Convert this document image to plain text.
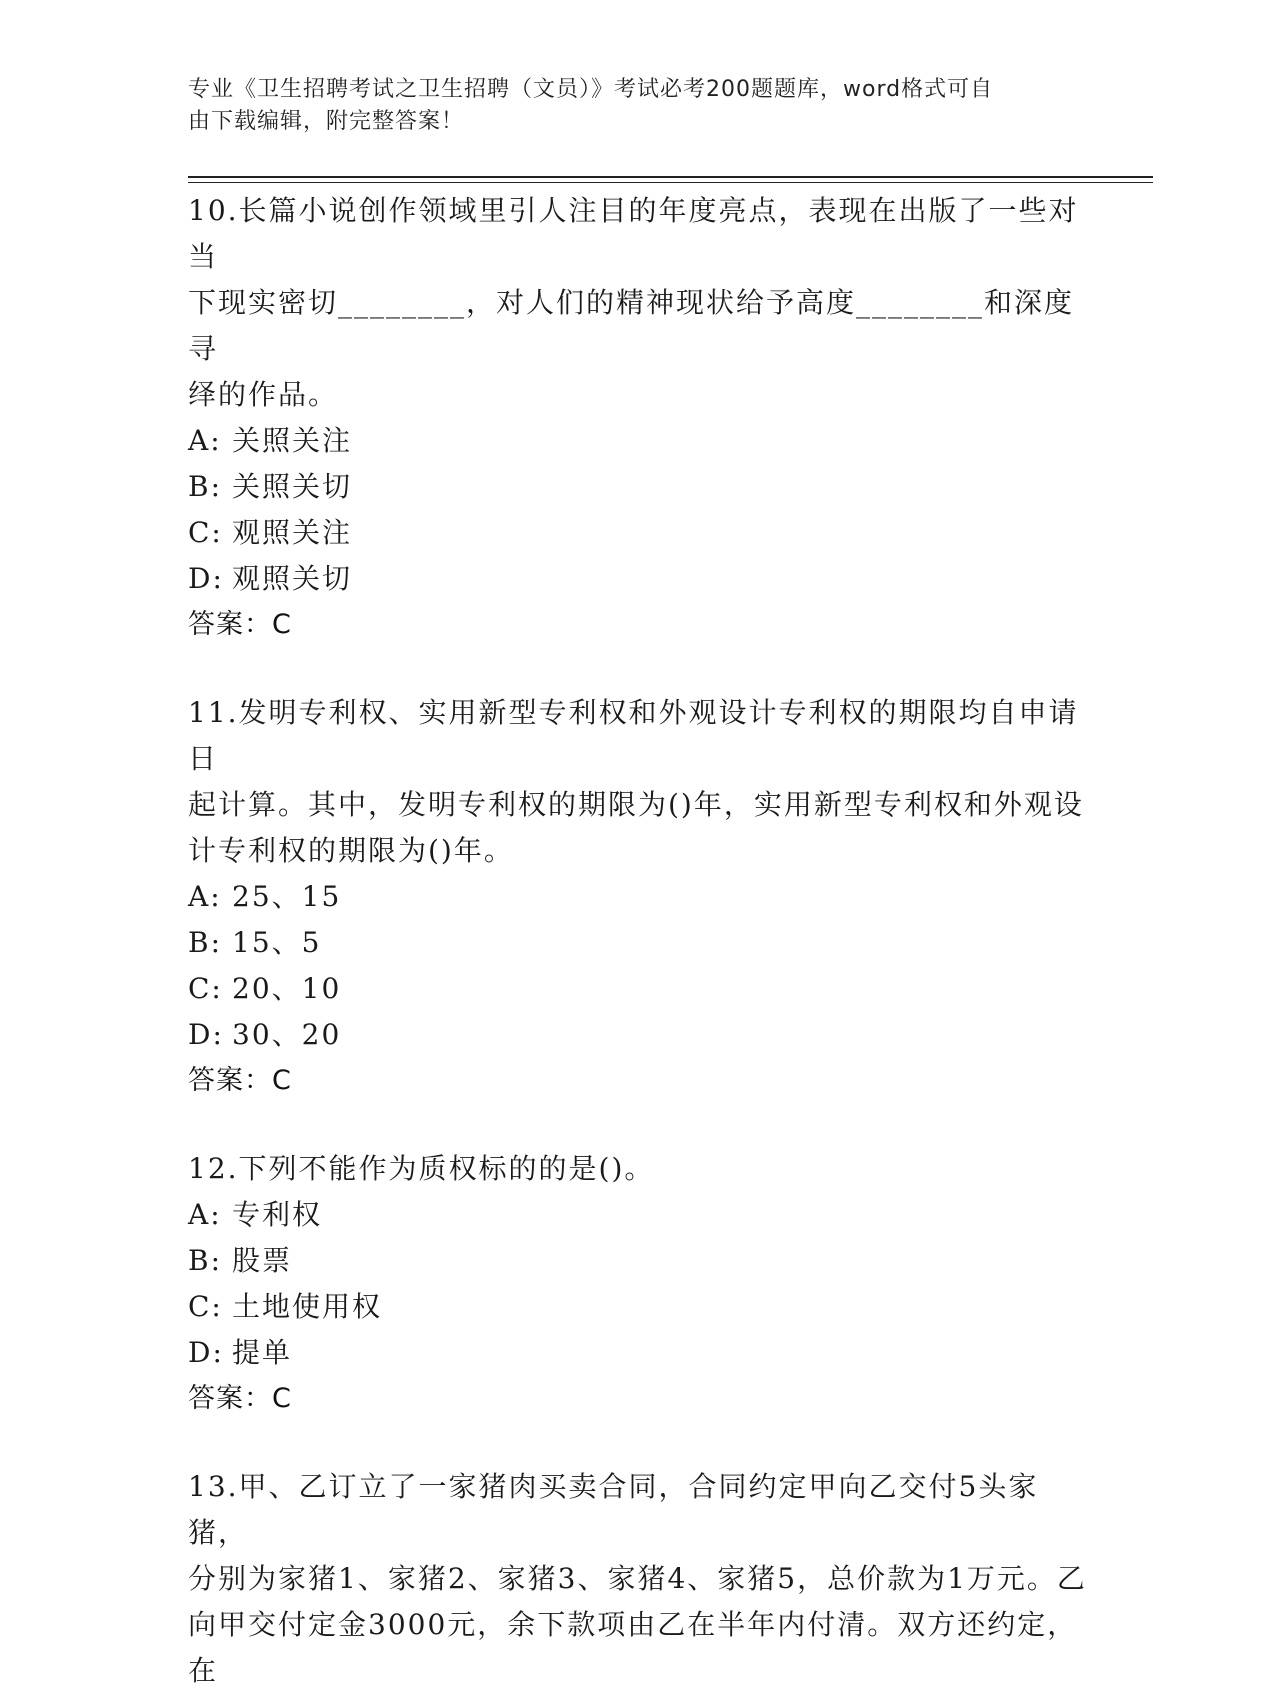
专业《卫生招聘考试之卫生招聘（文员）》考试必考200题题库，word格式可自
由下载编辑，附完整答案！

10.长篇小说创作领域里引人注目的年度亮点，表现在出版了一些对当

下现实密切________，对人们的精神现状给予高度________和深度寻

绎的作品。

A: 关照关注

B: 关照关切

C: 观照关注

D: 观照关切

答案：C

11.发明专利权、实用新型专利权和外观设计专利权的期限均自申请日

起计算。其中，发明专利权的期限为()年，实用新型专利权和外观设

计专利权的期限为()年。

A: 25、15

B: 15、5

C: 20、10

D: 30、20

答案：C

12.下列不能作为质权标的的是()。

A: 专利权

B: 股票

C: 土地使用权

D: 提单

答案：C

13.甲、乙订立了一家猪肉买卖合同，合同约定甲向乙交付5头家猪，

分别为家猪1、家猪2、家猪3、家猪4、家猪5，总价款为1万元。乙

向甲交付定金3000元，余下款项由乙在半年内付清。双方还约定，在
